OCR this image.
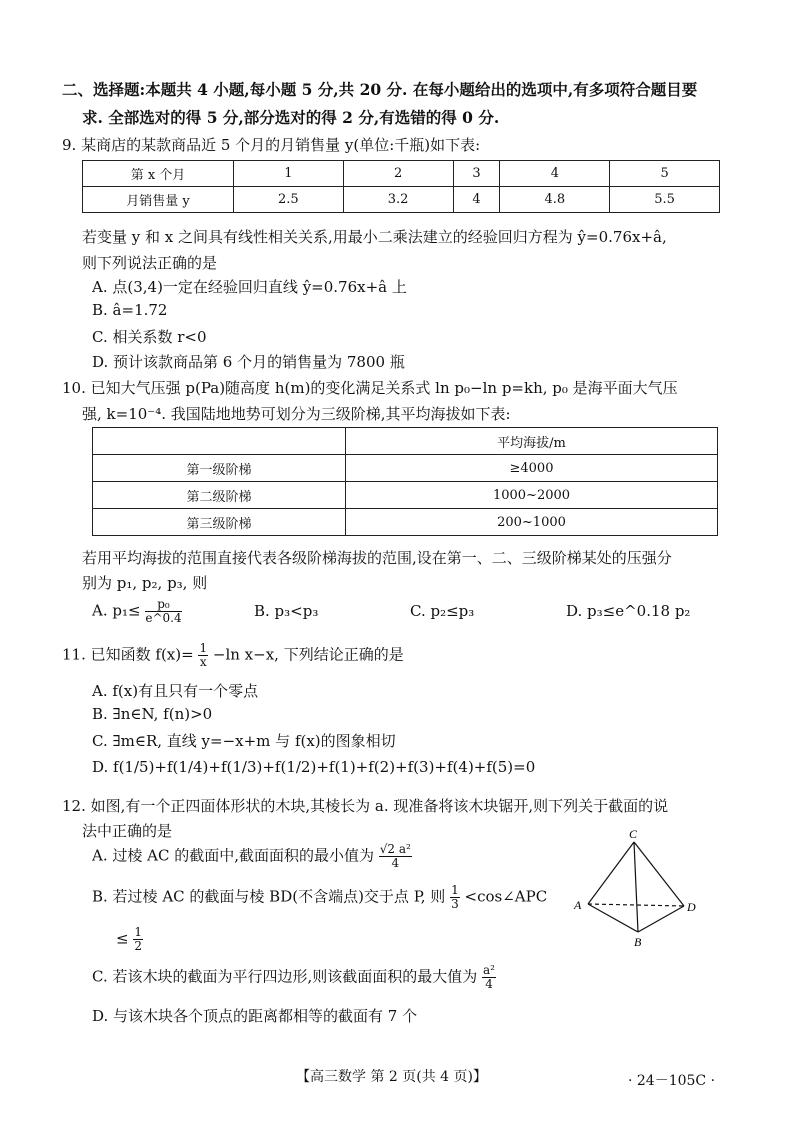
二、选择题:本题共 4 小题,每小题 5 分,共 20 分. 在每小题给出的选项中,有多项符合题目要
求. 全部选对的得 5 分,部分选对的得 2 分,有选错的得 0 分.
9. 某商店的某款商品近 5 个月的月销售量 y(单位:千瓶)如下表:
第 x 个月	1	2	3	4	5
月销售量 y	2.5	3.2	4	4.8	5.5
若变量 y 和 x 之间具有线性相关关系,用最小二乘法建立的经验回归方程为 ŷ=0.76x+â,
则下列说法正确的是
A. 点(3,4)一定在经验回归直线 ŷ=0.76x+â 上
B. â=1.72
C. 相关系数 r<0
D. 预计该款商品第 6 个月的销售量为 7800 瓶
10. 已知大气压强 p(Pa)随高度 h(m)的变化满足关系式 ln p₀−ln p=kh, p₀ 是海平面大气压
强, k=10⁻⁴. 我国陆地地势可划分为三级阶梯,其平均海拔如下表:
	平均海拔/m
第一级阶梯	≥4000
第二级阶梯	1000~2000
第三级阶梯	200~1000
若用平均海拔的范围直接代表各级阶梯海拔的范围,设在第一、二、三级阶梯某处的压强分
别为 p₁, p₂, p₃, 则
A. $p_1\le \frac{\text{p₀}}{e\^{}0.4}$	B. p₃<p₃	C. p₂≤p₃	D. p₃≤e^0.18 p₂
11. 已知函数 $f(x)= \frac{1}{x} -\ln$ x−x, 下列结论正确的是
A. f(x)有且只有一个零点
B. ∃n∈N, f(n)>0
C. ∃m∈R, 直线 y=−x+m 与 f(x)的图象相切
D. f(1/5)+f(1/4)+f(1/3)+f(1/2)+f(1)+f(2)+f(3)+f(4)+f(5)=0
12. 如图,有一个正四面体形状的木块,其棱长为 a. 现准备将该木块锯开,则下列关于截面的说
法中正确的是
A. 过棱 AC 的截面中,截面面积的最小值为 $\frac{\text{√2 a²}}{4}$
B. 若过棱 AC 的截面与棱 BD(不含端点)交于点 P, 则 $\frac{1}{3}$ <cos∠APC
≤ $\frac{1}{2}$
C. 若该木块的截面为平行四边形,则该截面面积的最大值为 $\frac{\text{a²}}{4}$
D. 与该木块各个顶点的距离都相等的截面有 7 个
C
A	D
B
【高三数学 第 2 页(共 4 页)】	· 24－105C ·
